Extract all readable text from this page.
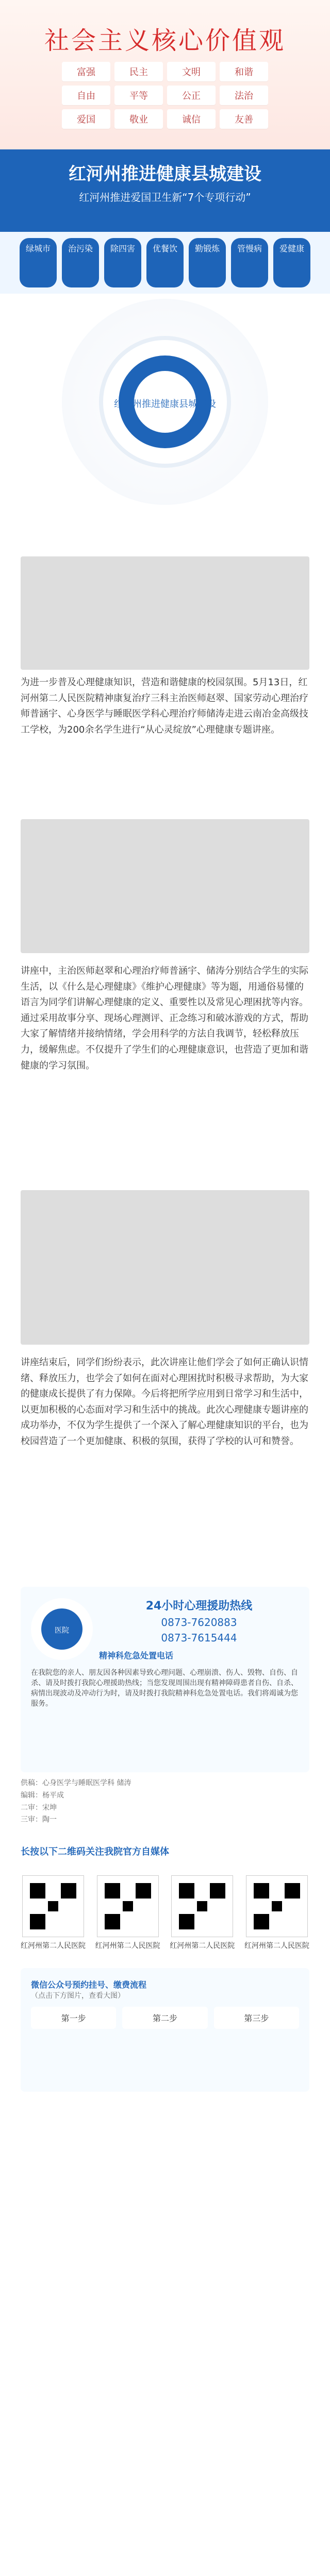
社会主义核心价值观
富强	民主	文明	和谐
自由	平等	公正	法治
爱国	敬业	诚信	友善
红河州推进健康县城建设
红河州推进爱国卫生新“7个专项行动”
绿城市	治污染	除四害	优餐饮	勤锻炼	管慢病	爱健康
红河州推进健康县城建设
为进一步普及心理健康知识，营造和谐健康的校园氛围。5月13日，红河州第二人民医院精神康复治疗三科主治医师赵翠、国家劳动心理治疗师普涵宇、心身医学与睡眠医学科心理治疗师储涛走进云南冶金高级技工学校，为200余名学生进行“从心灵绽放”心理健康专题讲座。
讲座中，主治医师赵翠和心理治疗师普涵宇、储涛分别结合学生的实际生活，以《什么是心理健康》《维护心理健康》等为题，用通俗易懂的语言为同学们讲解心理健康的定义、重要性以及常见心理困扰等内容。通过采用故事分享、现场心理测评、正念练习和破冰游戏的方式，帮助大家了解情绪并接纳情绪，学会用科学的方法自我调节，轻松释放压力，缓解焦虑。不仅提升了学生们的心理健康意识，也营造了更加和谐健康的学习氛围。
讲座结束后，同学们纷纷表示，此次讲座让他们学会了如何正确认识情绪、释放压力，也学会了如何在面对心理困扰时积极寻求帮助，为大家的健康成长提供了有力保障。今后将把所学应用到日常学习和生活中，以更加积极的心态面对学习和生活中的挑战。此次心理健康专题讲座的成功举办，不仅为学生提供了一个深入了解心理健康知识的平台，也为校园营造了一个更加健康、积极的氛围，获得了学校的认可和赞誉。
医院
24小时心理援助热线
0873-7620883
0873-7615444
精神科危急处置电话
在我院您的亲人、朋友因各种因素导致心理问题、心理崩溃、伤人、毁物、自伤、自杀、请及时拨打我院心理援助热线；当您发现周围出现有精神障碍患者自伤、自杀、病情出现波动及冲动行为时，请及时拨打我院精神科危急处置电话。我们将竭诚为您服务。
供稿：心身医学与睡眠医学科 储涛
编辑：杨平成
二审：宋坤
三审：陶一
长按以下二维码关注我院官方自媒体
红河州第二人民医院 红河州第二人民医院 红河州第二人民医院 红河州第二人民医院
微信公众号预约挂号、缴费流程
（点击下方图片，查看大图）
第一步	第二步	第三步
